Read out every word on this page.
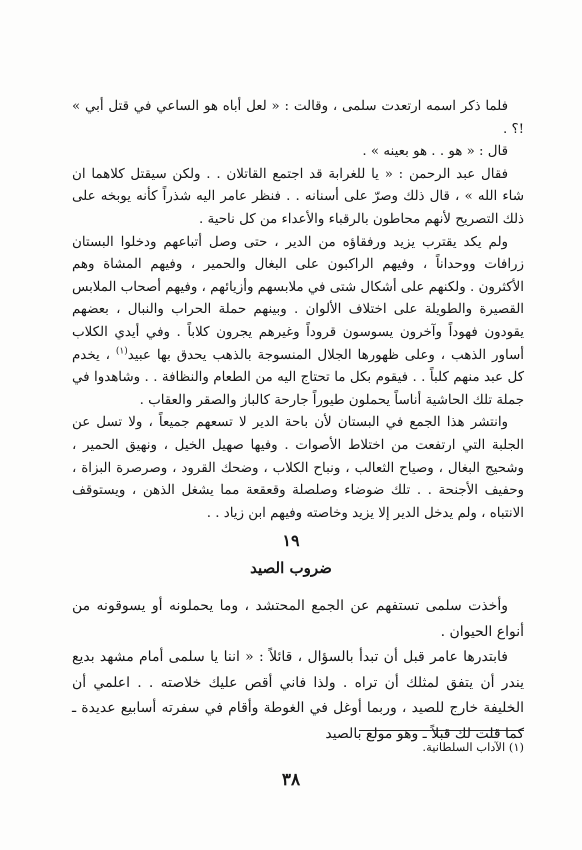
فلما ذكر اسمه ارتعدت سلمى ، وقالت : « لعل أباه هو الساعي في قتل أبي » !؟ .

قال : « هو . . هو بعينه » .

فقال عبد الرحمن : « يا للغرابة قد اجتمع القاتلان . . ولكن سيقتل كلاهما ان شاء الله » ، قال ذلك وصرّ على أسنانه . . فنظر عامر اليه شذراً كأنه يوبخه على ذلك التصريح لأنهم محاطون بالرقباء والأعداء من كل ناحية .

ولم يكد يقترب يزيد ورفقاؤه من الدير ، حتى وصل أتباعهم ودخلوا البستان زرافات ووحداناً ، وفيهم الراكبون على البغال والحمير ، وفيهم المشاة وهم الأكثرون . ولكنهم على أشكال شتى في ملابسهم وأزيائهم ، وفيهم أصحاب الملابس القصيرة والطويلة على اختلاف الألوان . وبينهم حملة الحراب والنبال ، بعضهم يقودون فهوداً وآخرون يسوسون قروداً وغيرهم يجرون كلاباً . وفي أيدي الكلاب أساور الذهب ، وعلى ظهورها الجلال المنسوجة بالذهب يحدق بها عبيد$^{(١)}$ ، يخدم كل عبد منهم كلباً . . فيقوم بكل ما تحتاج اليه من الطعام والنظافة . . وشاهدوا في جملة تلك الحاشية أناساً يحملون طيوراً جارحة كالباز والصقر والعقاب .

وانتشر هذا الجمع في البستان لأن باحة الدير لا تسعهم جميعاً ، ولا تسل عن الجلبة التي ارتفعت من اختلاط الأصوات . وفيها صهيل الخيل ، ونهيق الحمير ، وشحيج البغال ، وصياح الثعالب ، ونباح الكلاب ، وضحك القرود ، وصرصرة البزاة ، وحفيف الأجنحة . . تلك ضوضاء وصلصلة وقعقعة مما يشغل الذهن ، ويستوقف الانتباه ، ولم يدخل الدير إلا يزيد وخاصته وفيهم ابن زياد . .

١٩
ضروب الصيد

وأخذت سلمى تستفهم عن الجمع المحتشد ، وما يحملونه أو يسوقونه من أنواع الحيوان .

فابتدرها عامر قبل أن تبدأ بالسؤال ، قائلاً : « اننا يا سلمى أمام مشهد بديع يندر أن يتفق لمثلك أن تراه . ولذا فاني أقص عليك خلاصته . . اعلمي أن الخليفة خارج للصيد ، وربما أوغل في الغوطة وأقام في سفرته أسابيع عديدة ـ كما قلت لك قبلاً ـ وهو مولع بالصيد

(١) الآداب السلطانية.
٣٨
